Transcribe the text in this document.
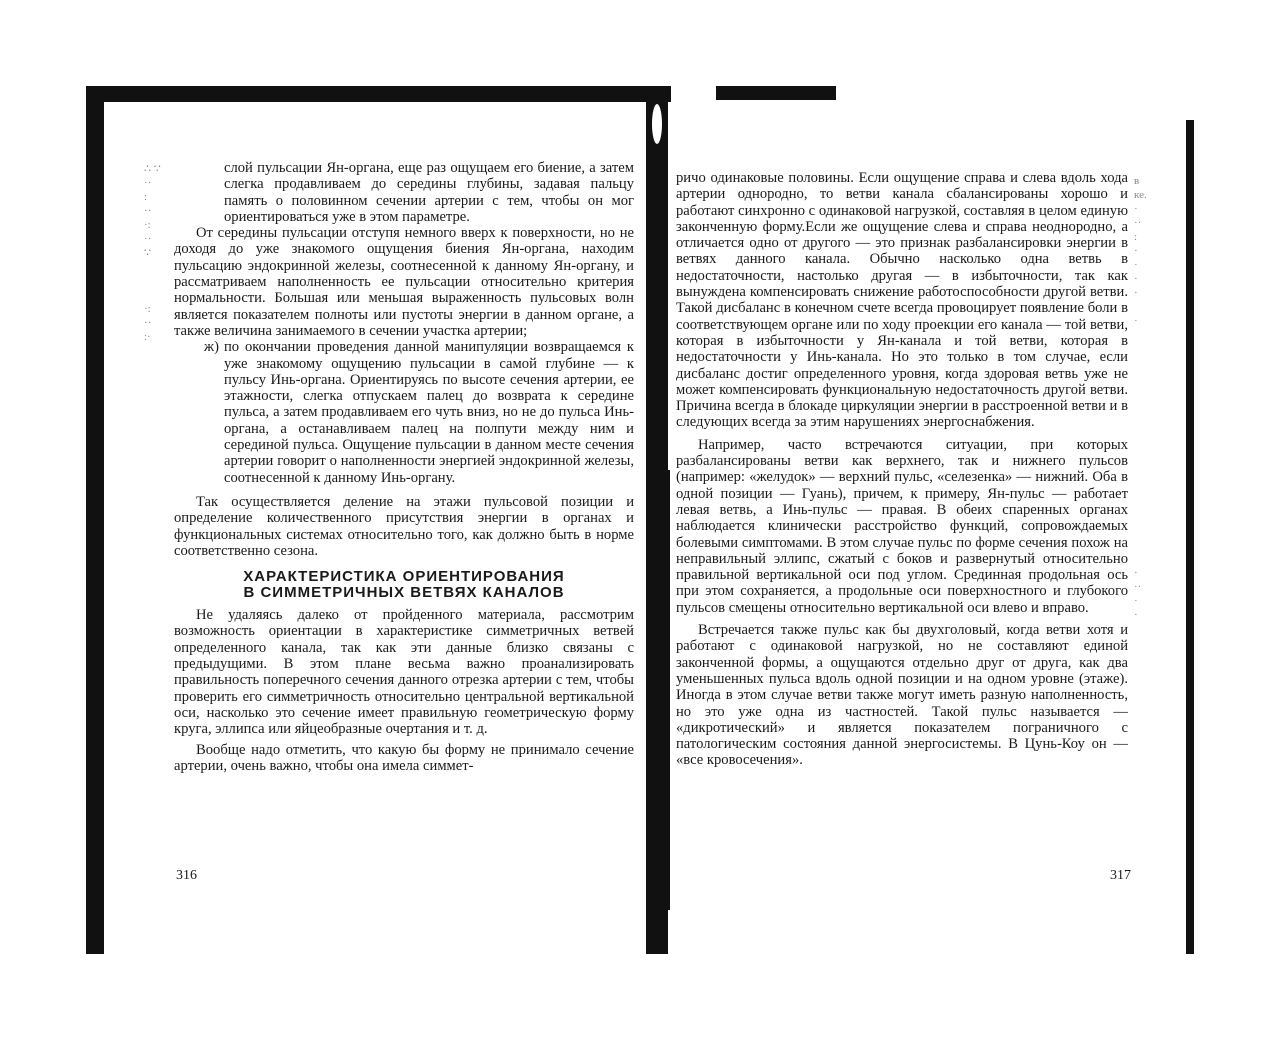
∴ ∵
··
:
··
·:
··
∵

·:
··
:·

слой пульсации Ян-органа, еще раз ощущаем его биение, а затем слегка продавливаем до середины глубины, задавая пальцу память о половинном сечении артерии с тем, чтобы он мог ориентироваться уже в этом параметре.

От середины пульсации отступя немного вверх к поверхности, но не доходя до уже знакомого ощущения биения Ян-органа, находим пульсацию эндокринной железы, соотнесенной к данному Ян-органу, и рассматриваем наполненность ее пульсации относительно критерия нормальности. Большая или меньшая выраженность пульсовых волн является показателем полноты или пустоты энергии в данном органе, а также величина занимаемого в сечении участка артерии;

ж) по окончании проведения данной манипуляции возвращаемся к уже знакомому ощущению пульсации в самой глубине — к пульсу Инь-органа. Ориентируясь по высоте сечения артерии, ее этажности, слегка отпускаем палец до возврата к середине пульса, а затем продавливаем его чуть вниз, но не до пульса Инь-органа, а останавливаем палец на полпути между ним и серединой пульса. Ощущение пульсации в данном месте сечения артерии говорит о наполненности энергией эндокринной железы, соотнесенной к данному Инь-органу.

Так осуществляется деление на этажи пульсовой позиции и определение количественного присутствия энергии в органах и функциональных системах относительно того, как должно быть в норме соответственно сезона.

ХАРАКТЕРИСТИКА ОРИЕНТИРОВАНИЯ
В СИММЕТРИЧНЫХ ВЕТВЯХ КАНАЛОВ

Не удаляясь далеко от пройденного материала, рассмотрим возможность ориентации в характеристике симметричных ветвей определенного канала, так как эти данные близко связаны с предыдущими. В этом плане весьма важно проанализировать правильность поперечного сечения данного отрезка артерии с тем, чтобы проверить его симметричность относительно центральной вертикальной оси, насколько это сечение имеет правильную геометрическую форму круга, эллипса или яйцеобразные очертания и т. д.

Вообще надо отметить, что какую бы форму не принимало сечение артерии, очень важно, чтобы она имела симмет-

316

ричо одинаковые половины. Если ощущение справа и слева вдоль хода артерии однородно, то ветви канала сбалансированы хорошо и работают синхронно с одинаковой нагрузкой, составляя в целом единую законченную форму.Если же ощущение слева и справа неоднородно, а отличается одно от другого — это признак разбалансировки энергии в ветвях данного канала. Обычно насколько одна ветвь в недостаточности, настолько другая — в избыточности, так как вынуждена компенсировать снижение работоспособности другой ветви. Такой дисбаланс в конечном счете всегда провоцирует появление боли в соответствующем органе или по ходу проекции его канала — той ветви, которая в избыточности у Ян-канала и той ветви, которая в недостаточности у Инь-канала. Но это только в том случае, если дисбаланс достиг определенного уровня, когда здоровая ветвь уже не может компенсировать функциональную недостаточность другой ветви. Причина всегда в блокаде циркуляции энергии в расстроенной ветви и в следующих всегда за этим нарушениях энергоснабжения.

Например, часто встречаются ситуации, при которых разбалансированы ветви как верхнего, так и нижнего пульсов (например: «желудок» — верхний пульс, «селезенка» — нижний. Оба в одной позиции — Гуань), причем, к примеру, Ян-пульс — работает левая ветвь, а Инь-пульс — правая. В обеих спаренных органах наблюдается клинически расстройство функций, сопровождаемых болевыми симптомами. В этом случае пульс по форме сечения похож на неправильный эллипс, сжатый с боков и развернутый относительно правильной вертикальной оси под углом. Срединная продольная ось при этом сохраняется, а продольные оси поверхностного и глубокого пульсов смещены относительно вертикальной оси влево и вправо.

Встречается также пульс как бы двухголовый, когда ветви хотя и работают с одинаковой нагрузкой, но не составляют единой законченной формы, а ощущаются отдельно друг от друга, как два уменьшенных пульса вдоль одной позиции и на одном уровне (этаже). Иногда в этом случае ветви также могут иметь разную наполненность, но это уже одна из частностей. Такой пульс называется — «дикротический» и является показателем пограничного с патологическим состояния данной энергосистемы. В Цунь-Коу он — «все кровосечения».

в
ке.
·
··
:
·
·
·
·

·

·
··
·
·
317
